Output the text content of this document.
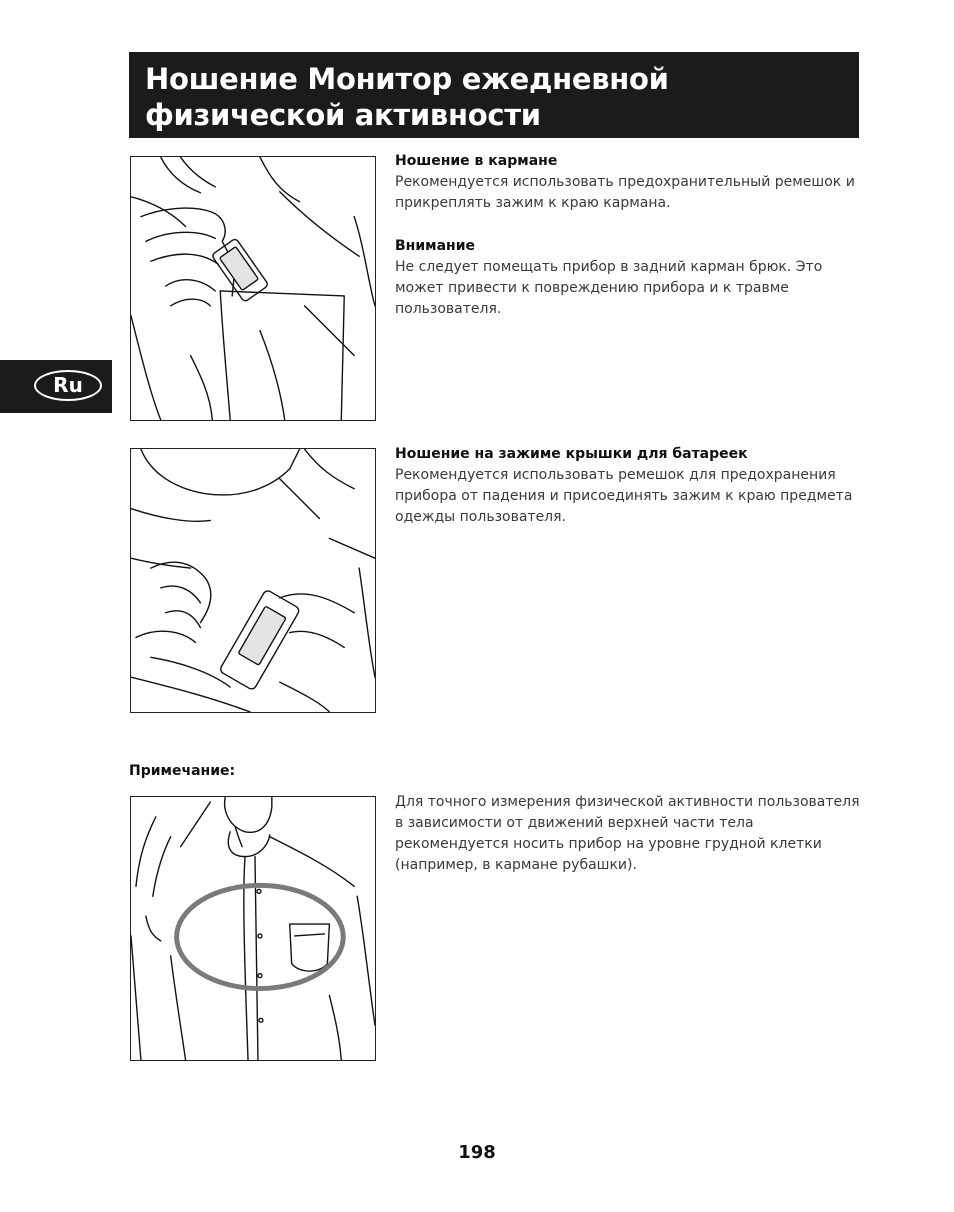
Ношение Монитор ежедневной
физической активности
Ru
Ношение в кармане

Рекомендуется использовать предохранительный ремешок и прикреплять зажим к краю кармана.

Внимание

Не следует помещать прибор в задний карман брюк. Это может привести к повреждению прибора и к травме пользователя.

Ношение на зажиме крышки для батареек

Рекомендуется использовать ремешок для предохранения прибора от падения и присоединять зажим к краю предмета одежды пользователя.

Примечание:

Для точного измерения физической активности пользователя в зависимости от движений верхней части тела рекомендуется носить прибор на уровне грудной клетки (например, в кармане рубашки).

198
